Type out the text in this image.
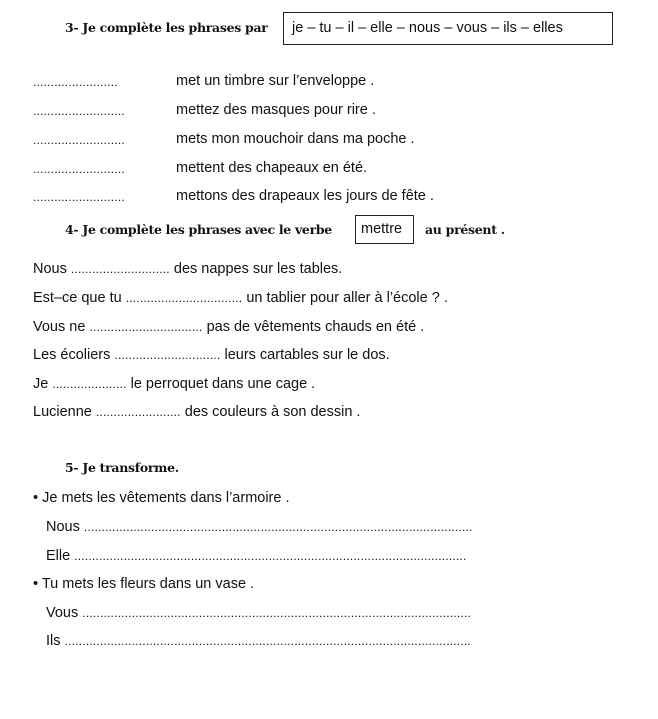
3- Je complète les phrases par je – tu – il – elle – nous – vous – ils – elles
........................	met un timbre sur l’enveloppe .
..........................	mettez des masques pour rire .
..........................	mets mon mouchoir dans ma poche .
..........................	mettent des chapeaux en été.
..........................	mettons des drapeaux les jours de fête .
4- Je complète les phrases avec le verbe mettre au présent .
Nous ............................ des nappes sur les tables.
Est–ce que tu ................................. un tablier pour aller à l’école ? .
Vous ne ................................ pas de vêtements chauds en été .
Les écoliers .............................. leurs cartables sur le dos.
Je ..................... le perroquet dans une cage .
Lucienne ........................ des couleurs à son dessin .
5- Je transforme.
• Je mets les vêtements dans l’armoire .
Nous ..............................................................................................................
Elle ...............................................................................................................
• Tu mets les fleurs dans un vase .
Vous ..............................................................................................................
Ils ...................................................................................................................
